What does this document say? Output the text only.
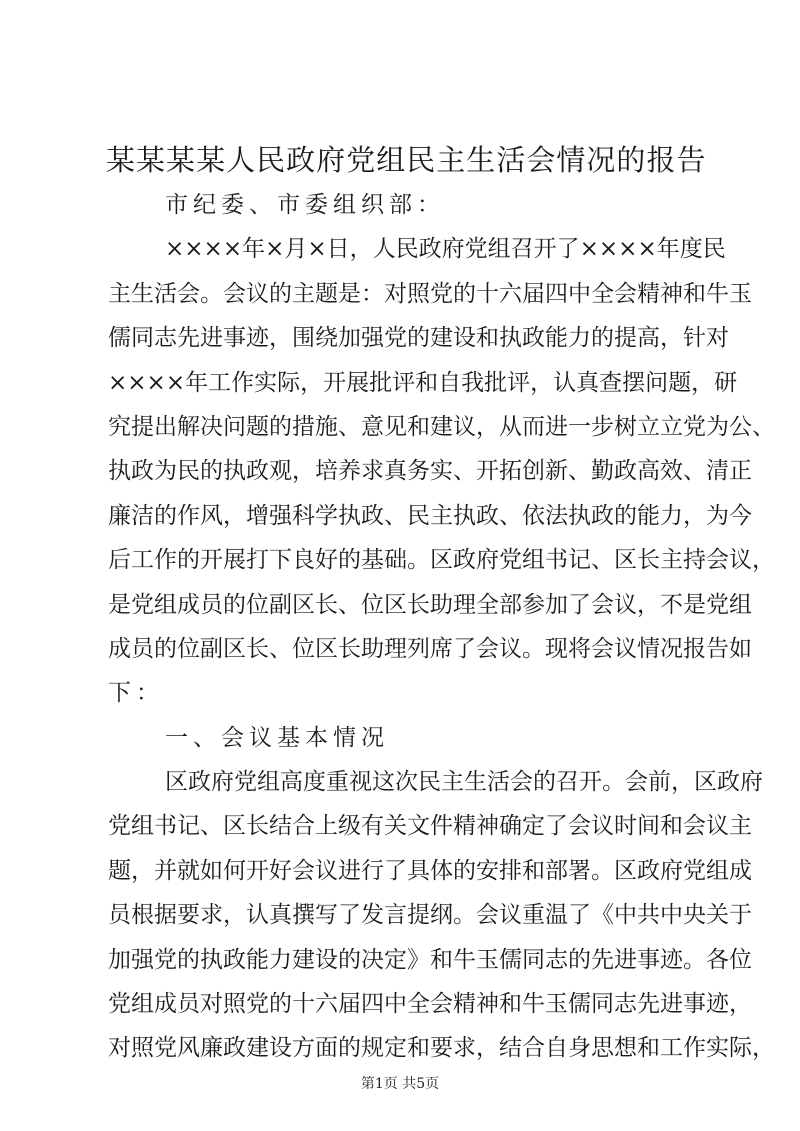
某某某某人民政府党组民主生活会情况的报告
市纪委、市委组织部：
××××年×月×日，人民政府党组召开了××××年度民
主生活会。会议的主题是：对照党的十六届四中全会精神和牛玉
儒同志先进事迹，围绕加强党的建设和执政能力的提高，针对
××××年工作实际，开展批评和自我批评，认真查摆问题，研
究提出解决问题的措施、意见和建议，从而进一步树立立党为公、
执政为民的执政观，培养求真务实、开拓创新、勤政高效、清正
廉洁的作风，增强科学执政、民主执政、依法执政的能力，为今
后工作的开展打下良好的基础。区政府党组书记、区长主持会议，
是党组成员的位副区长、位区长助理全部参加了会议，不是党组
成员的位副区长、位区长助理列席了会议。现将会议情况报告如
下：
一、会议基本情况
区政府党组高度重视这次民主生活会的召开。会前，区政府
党组书记、区长结合上级有关文件精神确定了会议时间和会议主
题，并就如何开好会议进行了具体的安排和部署。区政府党组成
员根据要求，认真撰写了发言提纲。会议重温了《中共中央关于
加强党的执政能力建设的决定》和牛玉儒同志的先进事迹。各位
党组成员对照党的十六届四中全会精神和牛玉儒同志先进事迹，
对照党风廉政建设方面的规定和要求，结合自身思想和工作实际，
第1页 共5页
